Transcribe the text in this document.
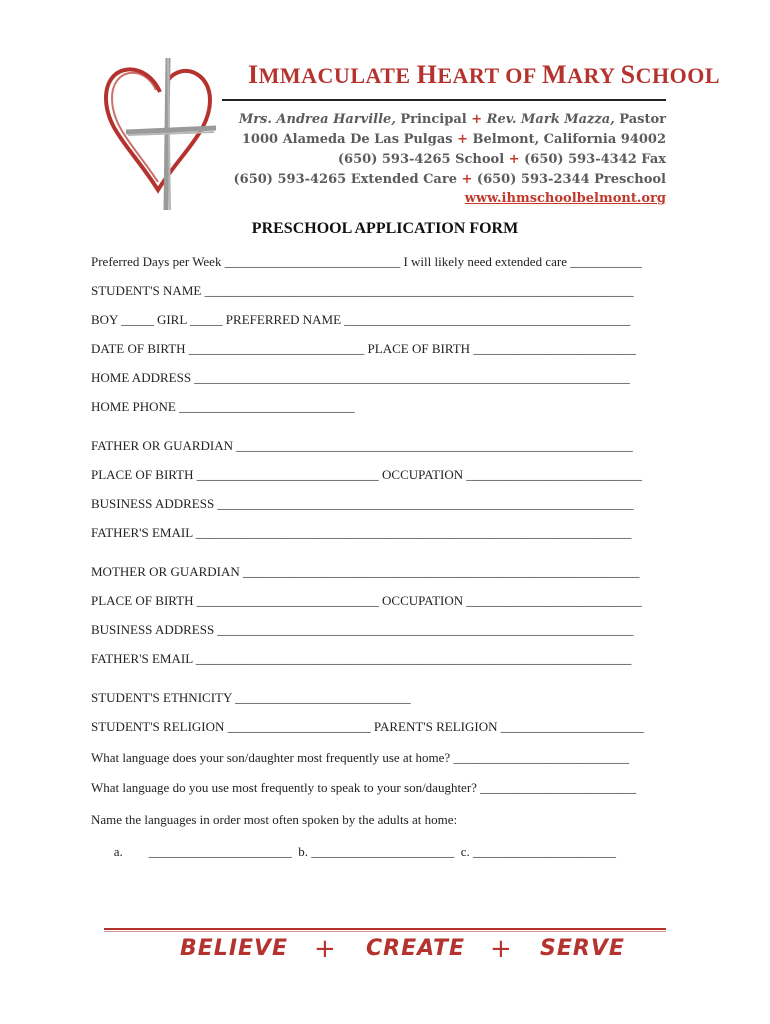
IMMACULATE HEART OF MARY SCHOOL
Mrs. Andrea Harville, Principal + Rev. Mark Mazza, Pastor
1000 Alameda De Las Pulgas + Belmont, California 94002
(650) 593-4265 School + (650) 593-4342 Fax
(650) 593-4265 Extended Care + (650) 593-2344 Preschool
www.ihmschoolbelmont.org
PRESCHOOL APPLICATION FORM
Preferred Days per Week ___________________________ I will likely need extended care ___________
STUDENT'S NAME __________________________________________________________________
BOY _____ GIRL _____ PREFERRED NAME ____________________________________________
DATE OF BIRTH ___________________________ PLACE OF BIRTH _________________________
HOME ADDRESS ___________________________________________________________________
HOME PHONE ___________________________
FATHER OR GUARDIAN _____________________________________________________________
PLACE OF BIRTH ____________________________ OCCUPATION ___________________________
BUSINESS ADDRESS ________________________________________________________________
FATHER'S EMAIL ___________________________________________________________________
MOTHER OR GUARDIAN _____________________________________________________________
PLACE OF BIRTH ____________________________ OCCUPATION ___________________________
BUSINESS ADDRESS ________________________________________________________________
FATHER'S EMAIL ___________________________________________________________________
STUDENT'S ETHNICITY ___________________________
STUDENT'S RELIGION ______________________ PARENT'S RELIGION ______________________
What language does your son/daughter most frequently use at home? ___________________________
What language do you use most frequently to speak to your son/daughter? ________________________
Name the languages in order most often spoken by the adults at home:
a.        ______________________  b. ______________________  c. ______________________
BELIEVE + CREATE + SERVE
